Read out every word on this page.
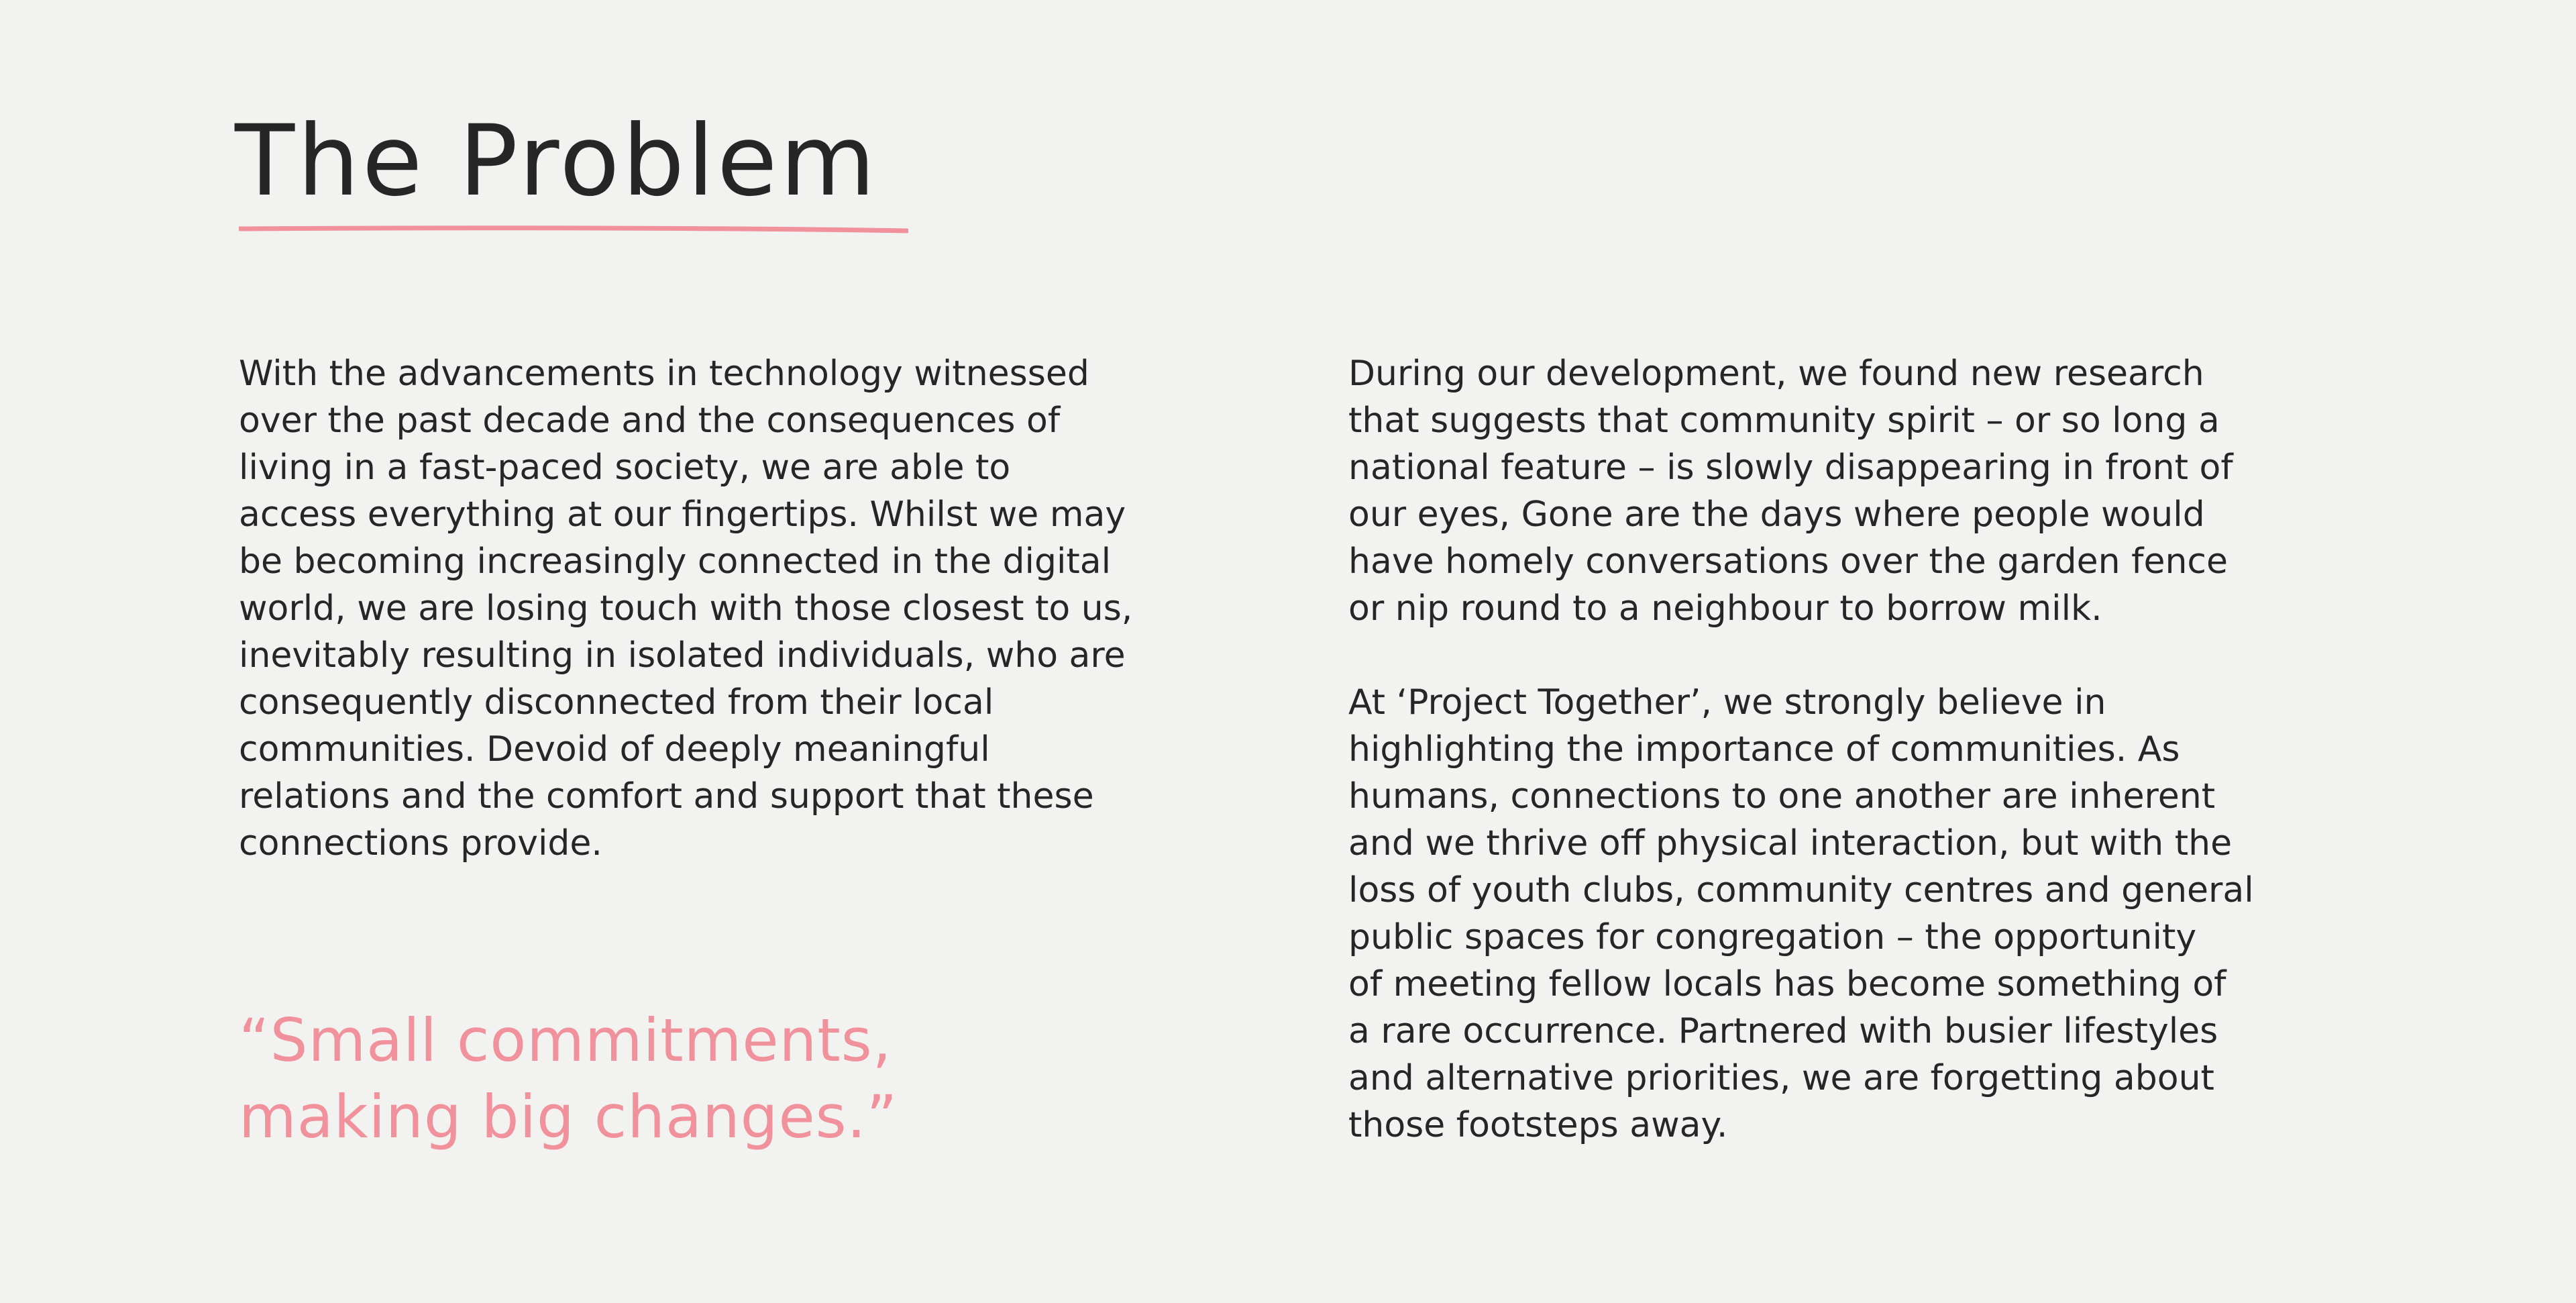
The Problem

With the advancements in technology witnessed
over the past decade and the consequences of
living in a fast-paced society, we are able to
access everything at our fingertips. Whilst we may
be becoming increasingly connected in the digital
world, we are losing touch with those closest to us,
inevitably resulting in isolated individuals, who are
consequently disconnected from their local
communities. Devoid of deeply meaningful
relations and the comfort and support that these
connections provide.

“Small commitments,
making big changes.”

During our development, we found new research
that suggests that community spirit – or so long a
national feature – is slowly disappearing in front of
our eyes, Gone are the days where people would
have homely conversations over the garden fence
or nip round to a neighbour to borrow milk.

At ‘Project Together’, we strongly believe in
highlighting the importance of communities. As
humans, connections to one another are inherent
and we thrive off physical interaction, but with the
loss of youth clubs, community centres and general
public spaces for congregation – the opportunity
of meeting fellow locals has become something of
a rare occurrence. Partnered with busier lifestyles
and alternative priorities, we are forgetting about
those footsteps away.
